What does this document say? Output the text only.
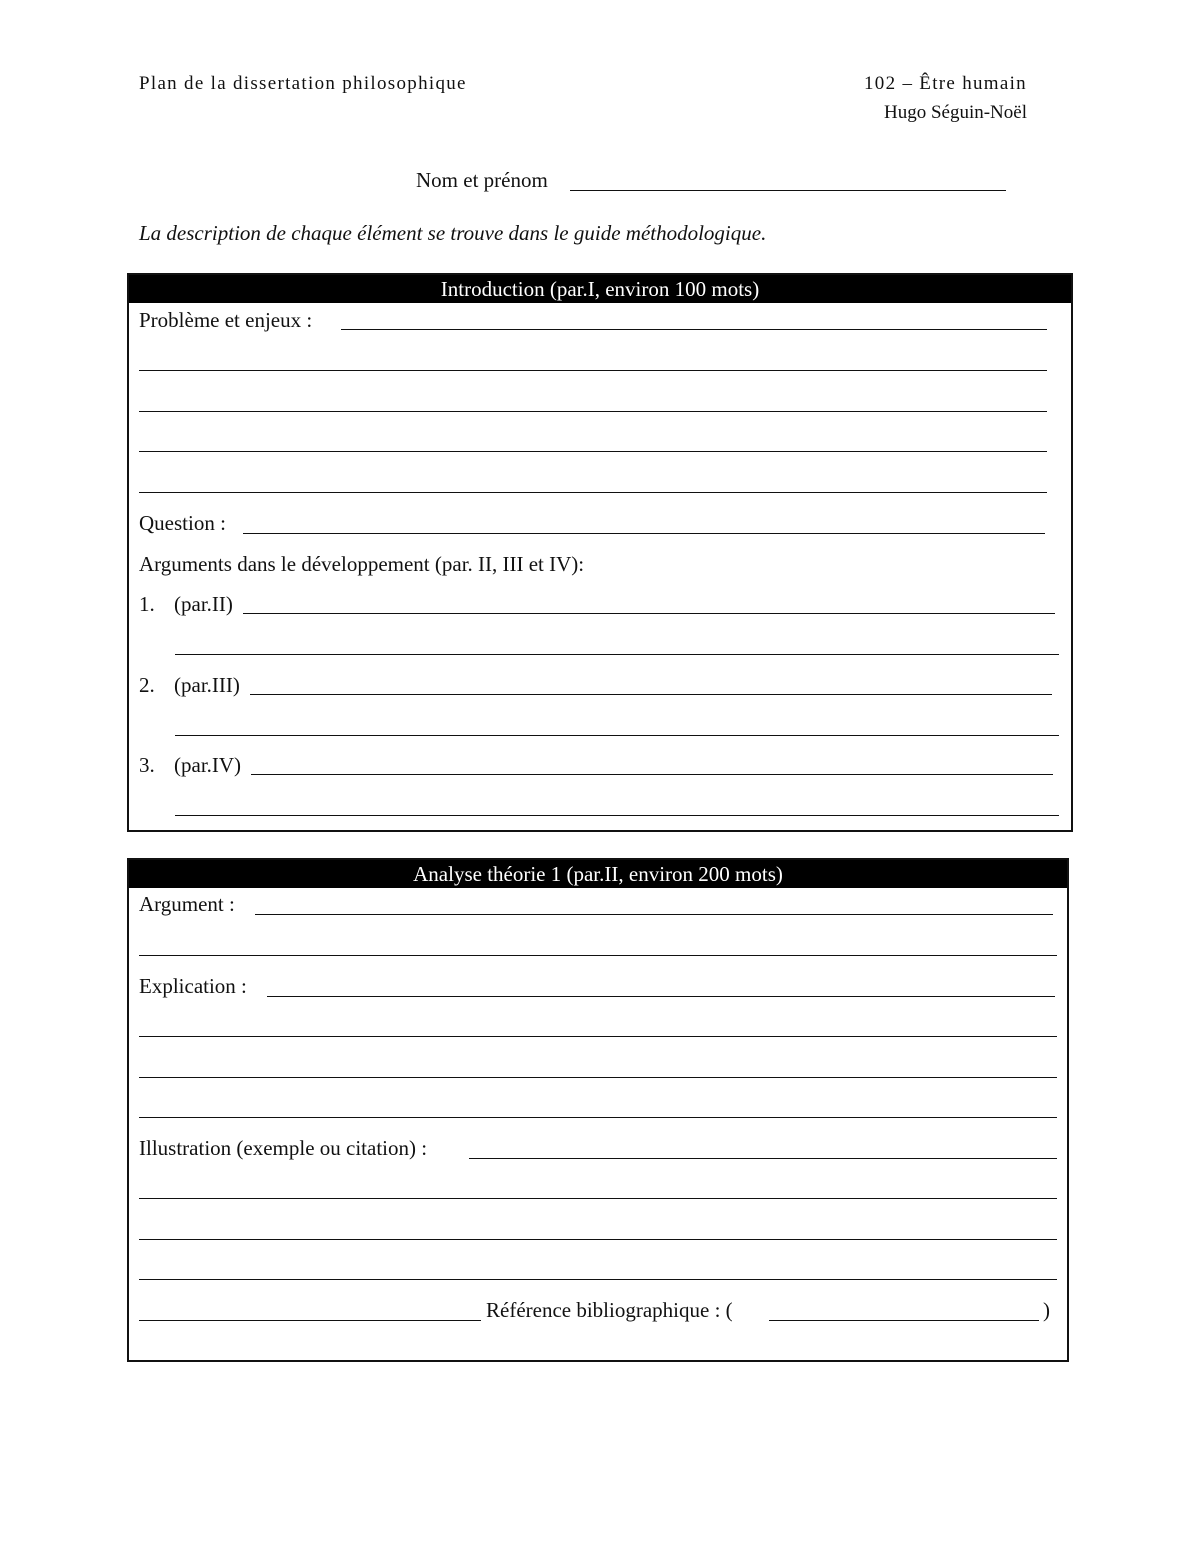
Plan de la dissertation philosophique	102 – Être humain
Hugo Séguin-Noël
Nom et prénom
La description de chaque élément se trouve dans le guide méthodologique.
Introduction (par.I, environ 100 mots)
Problème et enjeux :
Question :
Arguments dans le développement (par. II, III et IV):
1. (par.II)
2. (par.III)
3. (par.IV)
Analyse théorie 1 (par.II, environ 200 mots)
Argument :
Explication :
Illustration (exemple ou citation) :
Référence bibliographique : (	)
